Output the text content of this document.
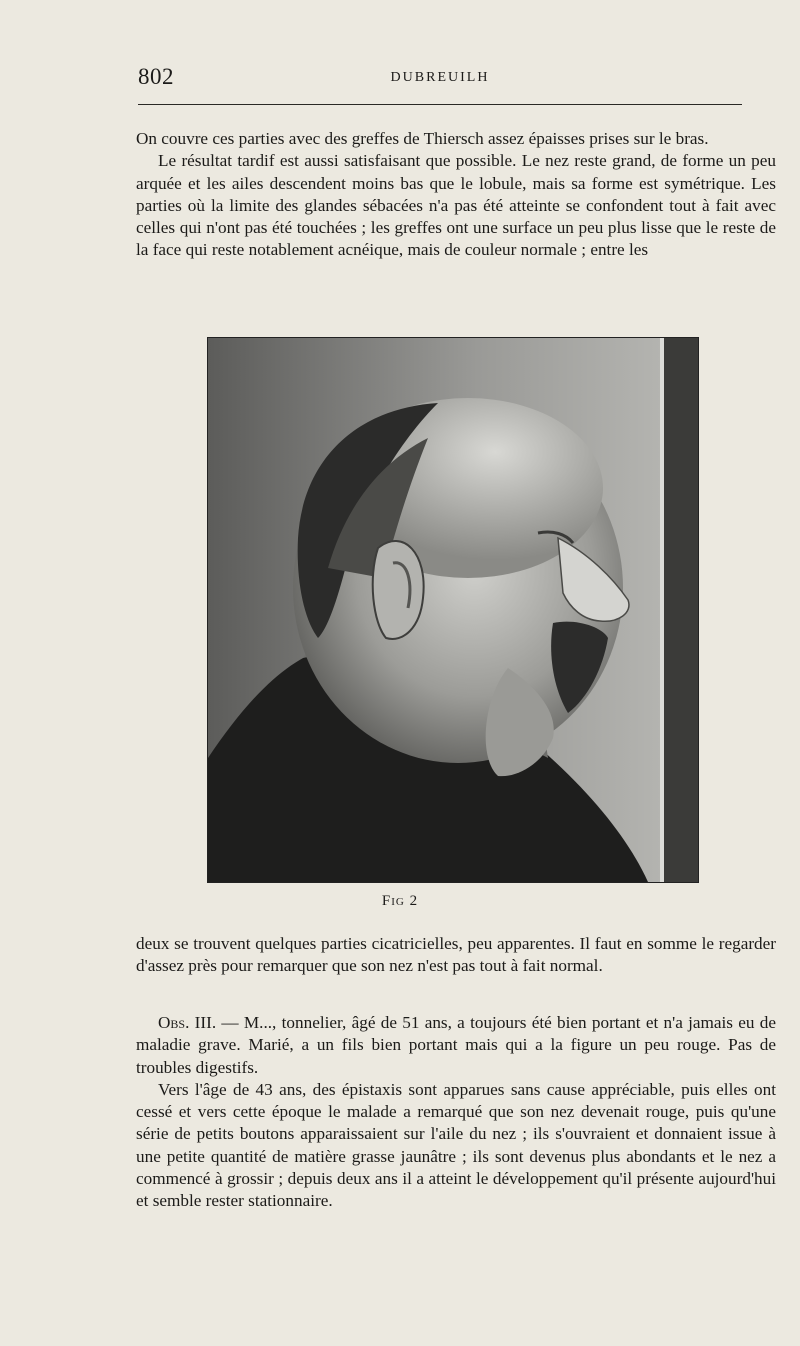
802	DUBREUILH

On couvre ces parties avec des greffes de Thiersch assez épaisses prises sur le bras.

Le résultat tardif est aussi satisfaisant que possible. Le nez reste grand, de forme un peu arquée et les ailes descendent moins bas que le lobule, mais sa forme est symétrique. Les parties où la limite des glandes sébacées n'a pas été atteinte se confondent tout à fait avec celles qui n'ont pas été touchées ; les greffes ont une surface un peu plus lisse que le reste de la face qui reste notablement acnéique, mais de couleur normale ; entre les

Fig 2

deux se trouvent quelques parties cicatricielles, peu apparentes. Il faut en somme le regarder d'assez près pour remarquer que son nez n'est pas tout à fait normal.

Obs. III. — M..., tonnelier, âgé de 51 ans, a toujours été bien portant et n'a jamais eu de maladie grave. Marié, a un fils bien portant mais qui a la figure un peu rouge. Pas de troubles digestifs.

Vers l'âge de 43 ans, des épistaxis sont apparues sans cause appréciable, puis elles ont cessé et vers cette époque le malade a remarqué que son nez devenait rouge, puis qu'une série de petits boutons apparaissaient sur l'aile du nez ; ils s'ouvraient et donnaient issue à une petite quantité de matière grasse jaunâtre ; ils sont devenus plus abondants et le nez a commencé à grossir ; depuis deux ans il a atteint le développement qu'il présente aujourd'hui et semble rester stationnaire.
